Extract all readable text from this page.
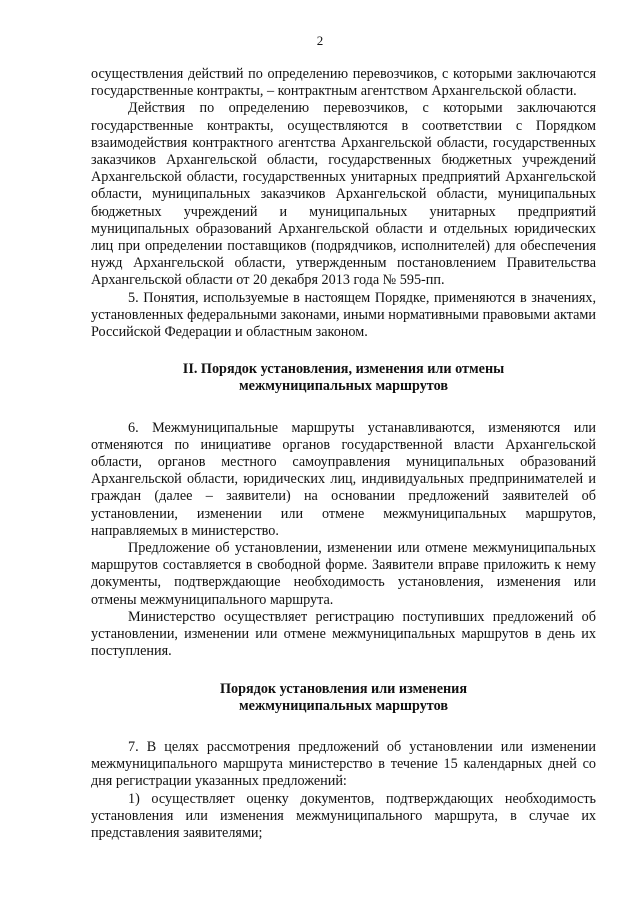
2

осуществления действий по определению перевозчиков, с которыми заключаются государственные контракты, – контрактным агентством Архангельской области.

Действия по определению перевозчиков, с которыми заключаются государственные контракты, осуществляются в соответствии с Порядком взаимодействия контрактного агентства Архангельской области, государственных заказчиков Архангельской области, государственных бюджетных учреждений Архангельской области, государственных унитарных предприятий Архангельской области, муниципальных заказчиков Архангельской области, муниципальных бюджетных учреждений и муниципальных унитарных предприятий муниципальных образований Архангельской области и отдельных юридических лиц при определении поставщиков (подрядчиков, исполнителей) для обеспечения нужд Архангельской области, утвержденным постановлением Правительства Архангельской области от 20 декабря 2013 года № 595-пп.

5. Понятия, используемые в настоящем Порядке, применяются в значениях, установленных федеральными законами, иными нормативными правовыми актами Российской Федерации и областным законом.

II. Порядок установления, изменения или отмены

межмуниципальных маршрутов

6. Межмуниципальные маршруты устанавливаются, изменяются или отменяются по инициативе органов государственной власти Архангельской области, органов местного самоуправления муниципальных образований Архангельской области, юридических лиц, индивидуальных предпринимателей и граждан (далее – заявители) на основании предложений заявителей об установлении, изменении или отмене межмуниципальных маршрутов, направляемых в министерство.

Предложение об установлении, изменении или отмене межмуниципальных маршрутов составляется в свободной форме. Заявители вправе приложить к нему документы, подтверждающие необходимость установления, изменения или отмены межмуниципального маршрута.

Министерство осуществляет регистрацию поступивших предложений об установлении, изменении или отмене межмуниципальных маршрутов в день их поступления.

Порядок установления или изменения

межмуниципальных маршрутов

7. В целях рассмотрения предложений об установлении или изменении межмуниципального маршрута министерство в течение 15 календарных дней со дня регистрации указанных предложений:

1) осуществляет оценку документов, подтверждающих необходимость установления или изменения межмуниципального маршрута, в случае их представления заявителями;
